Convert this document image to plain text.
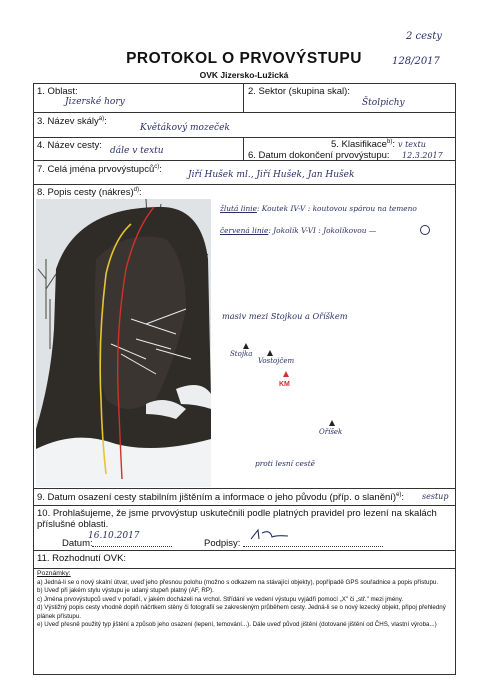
2 cesty
PROTOKOL O PRVOVÝSTUPU
OVK Jizersko-Lužická
128/2017
1. Oblast:
Jizerské hory
2. Sektor (skupina skal):
Štolpichy
3. Název skály$^{a)}$:
Květákový mozeček
4. Název cesty: dále v textu
5. Klasifikace$^{b)}$: v textu
6. Datum dokončení prvovýstupu: 12.3.2017
7. Celá jména prvovýstupců$^{c)}$:	Jiří Hušek ml., Jiří Hušek, Jan Hušek
8. Popis cesty (nákres)$^{d)}$:
žlutá linie: Koutek IV-V : koutovou spárou na temeno
červená linie: Jokolík V-VI : Jokolíkovou —
masiv mezi Stojkou a Oříškem
Stojka
Vostojčem
KM
Oříšek
proti lesní cestě
9. Datum osazení cesty stabilním jištěním a informace o jeho původu (příp. o slanění)$^{e)}$: sestup
10. Prohlašujeme, že jsme prvovýstup uskutečnili podle platných pravidel pro lezení na skalách příslušné oblasti.
Datum:
16.10.2017
Podpisy:
11. Rozhodnutí OVK:
Poznámky:
a) Jedná-li se o nový skalní útvar, uveď jeho přesnou polohu (možno s odkazem na stávající objekty), popřípadě GPS souřadnice a popis přístupu.
b) Uveď při jakém stylu výstupu je udaný stupeň platný (AF, RP).
c) Jména prvovýstupců uveď v pořadí, v jakém docházeli na vrchol. Střídání ve vedení výstupu vyjádři pomocí „X" či „stř." mezi jmény.
d) Výstižný popis cesty vhodně doplň náčrtkem stěny či fotografií se zakresleným průběhem cesty. Jedná-li se o nový lezecký objekt, připoj přehledný plánek přístupu.
e) Uveď přesně použitý typ jištění a způsob jeho osazení (lepení, temování...). Dále uveď původ jištění (dotované jištění od ČHS, vlastní výroba...)
